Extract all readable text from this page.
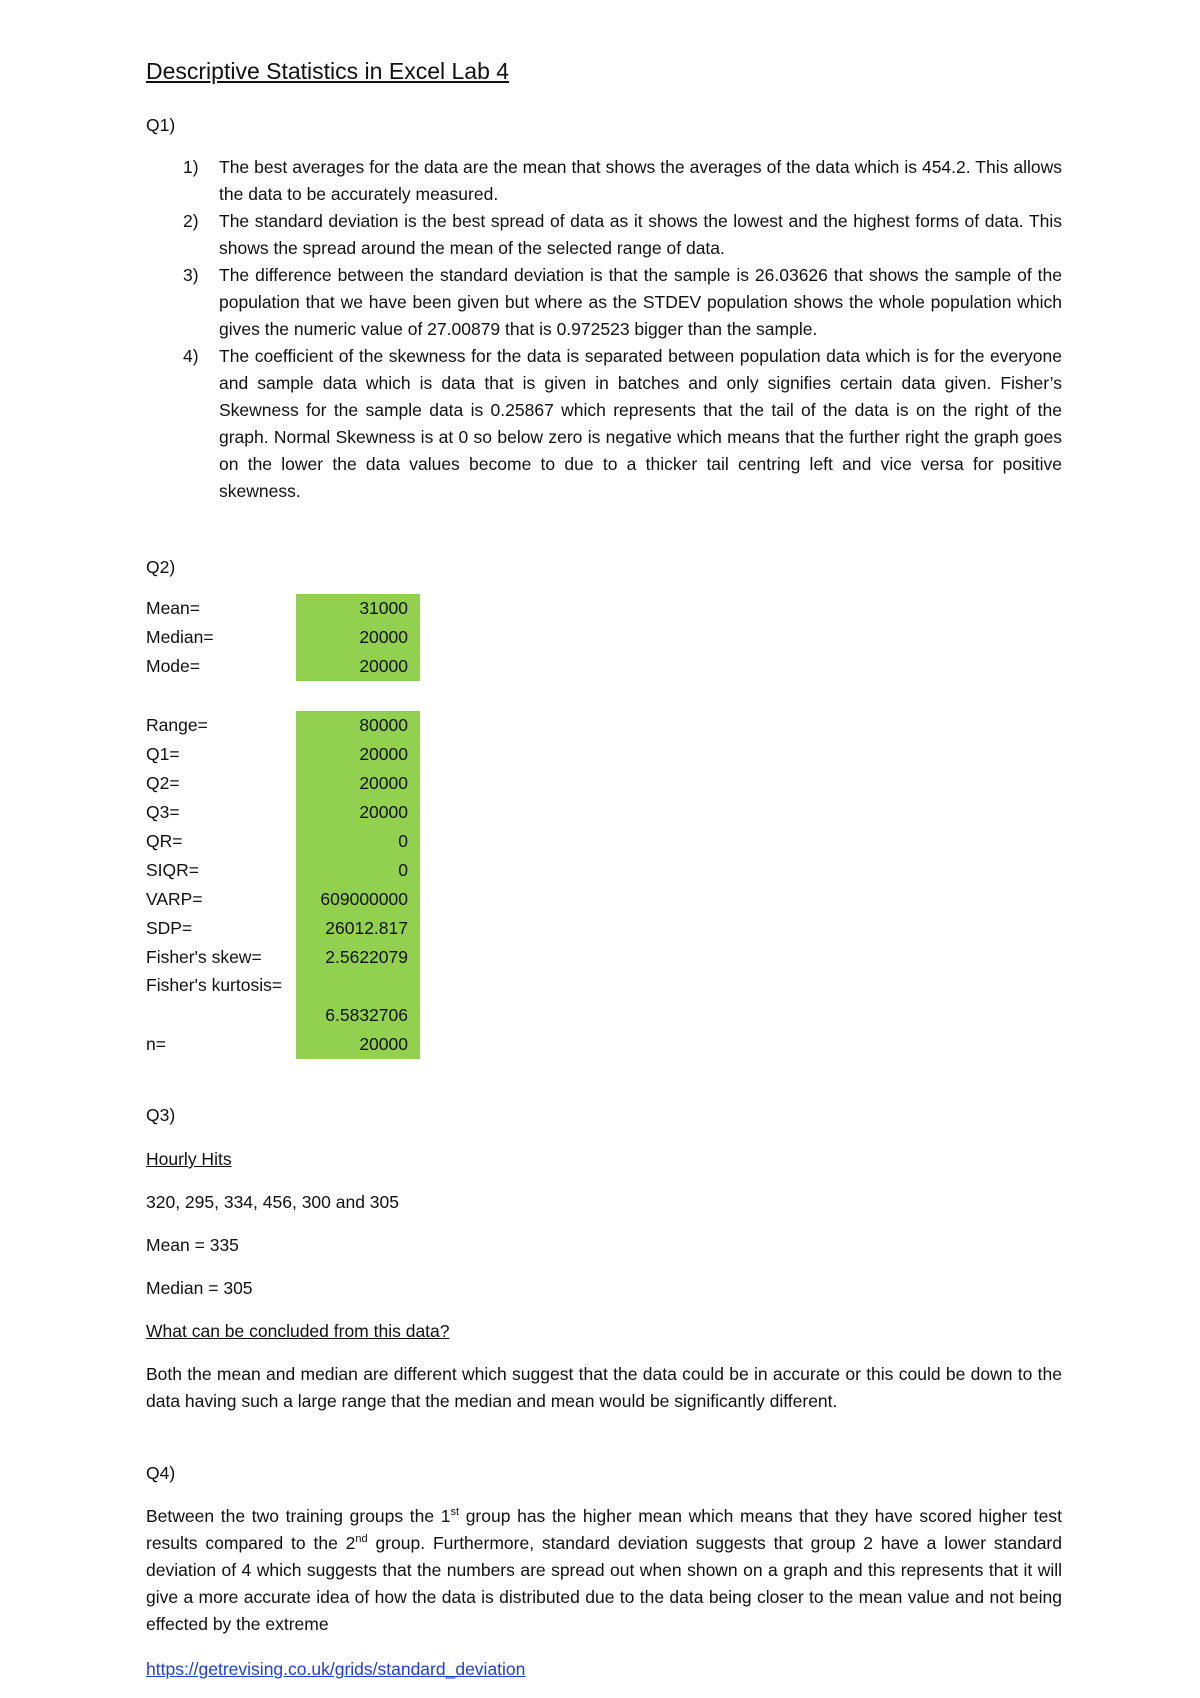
Descriptive Statistics in Excel Lab 4
Q1)
1) The best averages for the data are the mean that shows the averages of the data which is 454.2. This allows the data to be accurately measured.
2) The standard deviation is the best spread of data as it shows the lowest and the highest forms of data. This shows the spread around the mean of the selected range of data.
3) The difference between the standard deviation is that the sample is 26.03626 that shows the sample of the population that we have been given but where as the STDEV population shows the whole population which gives the numeric value of 27.00879 that is 0.972523 bigger than the sample.
4) The coefficient of the skewness for the data is separated between population data which is for the everyone and sample data which is data that is given in batches and only signifies certain data given. Fisher’s Skewness for the sample data is 0.25867 which represents that the tail of the data is on the right of the graph. Normal Skewness is at 0 so below zero is negative which means that the further right the graph goes on the lower the data values become to due to a thicker tail centring left and vice versa for positive skewness.
Q2)
Mean=	31000
Median=	20000
Mode=	20000
Range=	80000
Q1=	20000
Q2=	20000
Q3=	20000
QR=	0
SIQR=	0
VARP=	609000000
SDP=	26012.817
Fisher's skew=	2.5622079
Fisher's kurtosis=	6.5832706
n=	20000
Q3)
Hourly Hits
320, 295, 334, 456, 300 and 305
Mean = 335
Median = 305
What can be concluded from this data?
Both the mean and median are different which suggest that the data could be in accurate or this could be down to the data having such a large range that the median and mean would be significantly different.
Q4)
Between the two training groups the 1st group has the higher mean which means that they have scored higher test results compared to the 2nd group. Furthermore, standard deviation suggests that group 2 have a lower standard deviation of 4 which suggests that the numbers are spread out when shown on a graph and this represents that it will give a more accurate idea of how the data is distributed due to the data being closer to the mean value and not being effected by the extreme
https://getrevising.co.uk/grids/standard_deviation
